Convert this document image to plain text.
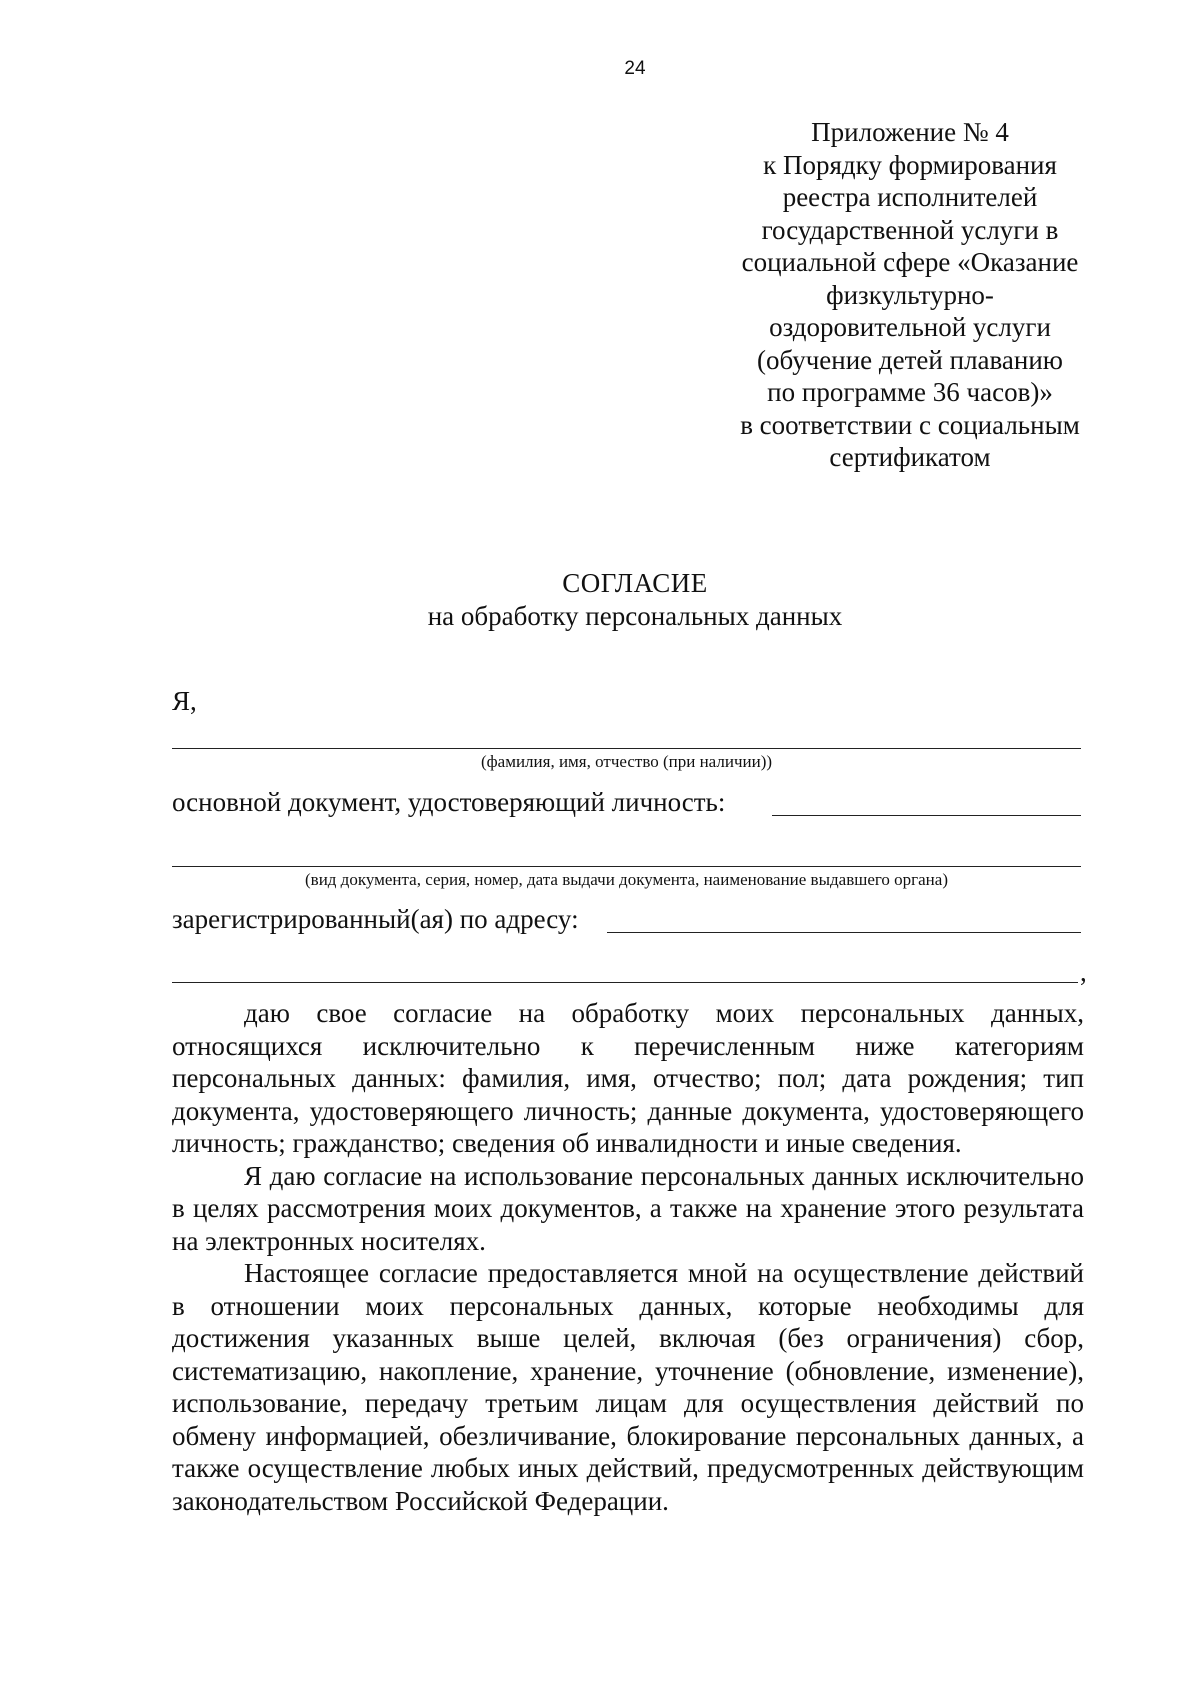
24
Приложение № 4
к Порядку формирования
реестра исполнителей
государственной услуги в
социальной сфере «Оказание
физкультурно-
оздоровительной услуги
(обучение детей плаванию
по программе 36 часов)»
в соответствии с социальным
сертификатом
СОГЛАСИЕ
на обработку персональных данных
Я,
(фамилия, имя, отчество (при наличии))
основной документ, удостоверяющий личность:
(вид документа, серия, номер, дата выдачи документа, наименование выдавшего органа)
зарегистрированный(ая) по адресу:
,

даю свое согласие на обработку моих персональных данных, относящихся исключительно к перечисленным ниже категориям персональных данных: фамилия, имя, отчество; пол; дата рождения; тип документа, удостоверяющего личность; данные документа, удостоверяющего личность; гражданство; сведения об инвалидности и иные сведения.

Я даю согласие на использование персональных данных исключительно в целях рассмотрения моих документов, а также на хранение этого результата на электронных носителях.

Настоящее согласие предоставляется мной на осуществление действий в отношении моих персональных данных, которые необходимы для достижения указанных выше целей, включая (без ограничения) сбор, систематизацию, накопление, хранение, уточнение (обновление, изменение), использование, передачу третьим лицам для осуществления действий по обмену информацией, обезличивание, блокирование персональных данных, а также осуществление любых иных действий, предусмотренных действующим законодательством Российской Федерации.
